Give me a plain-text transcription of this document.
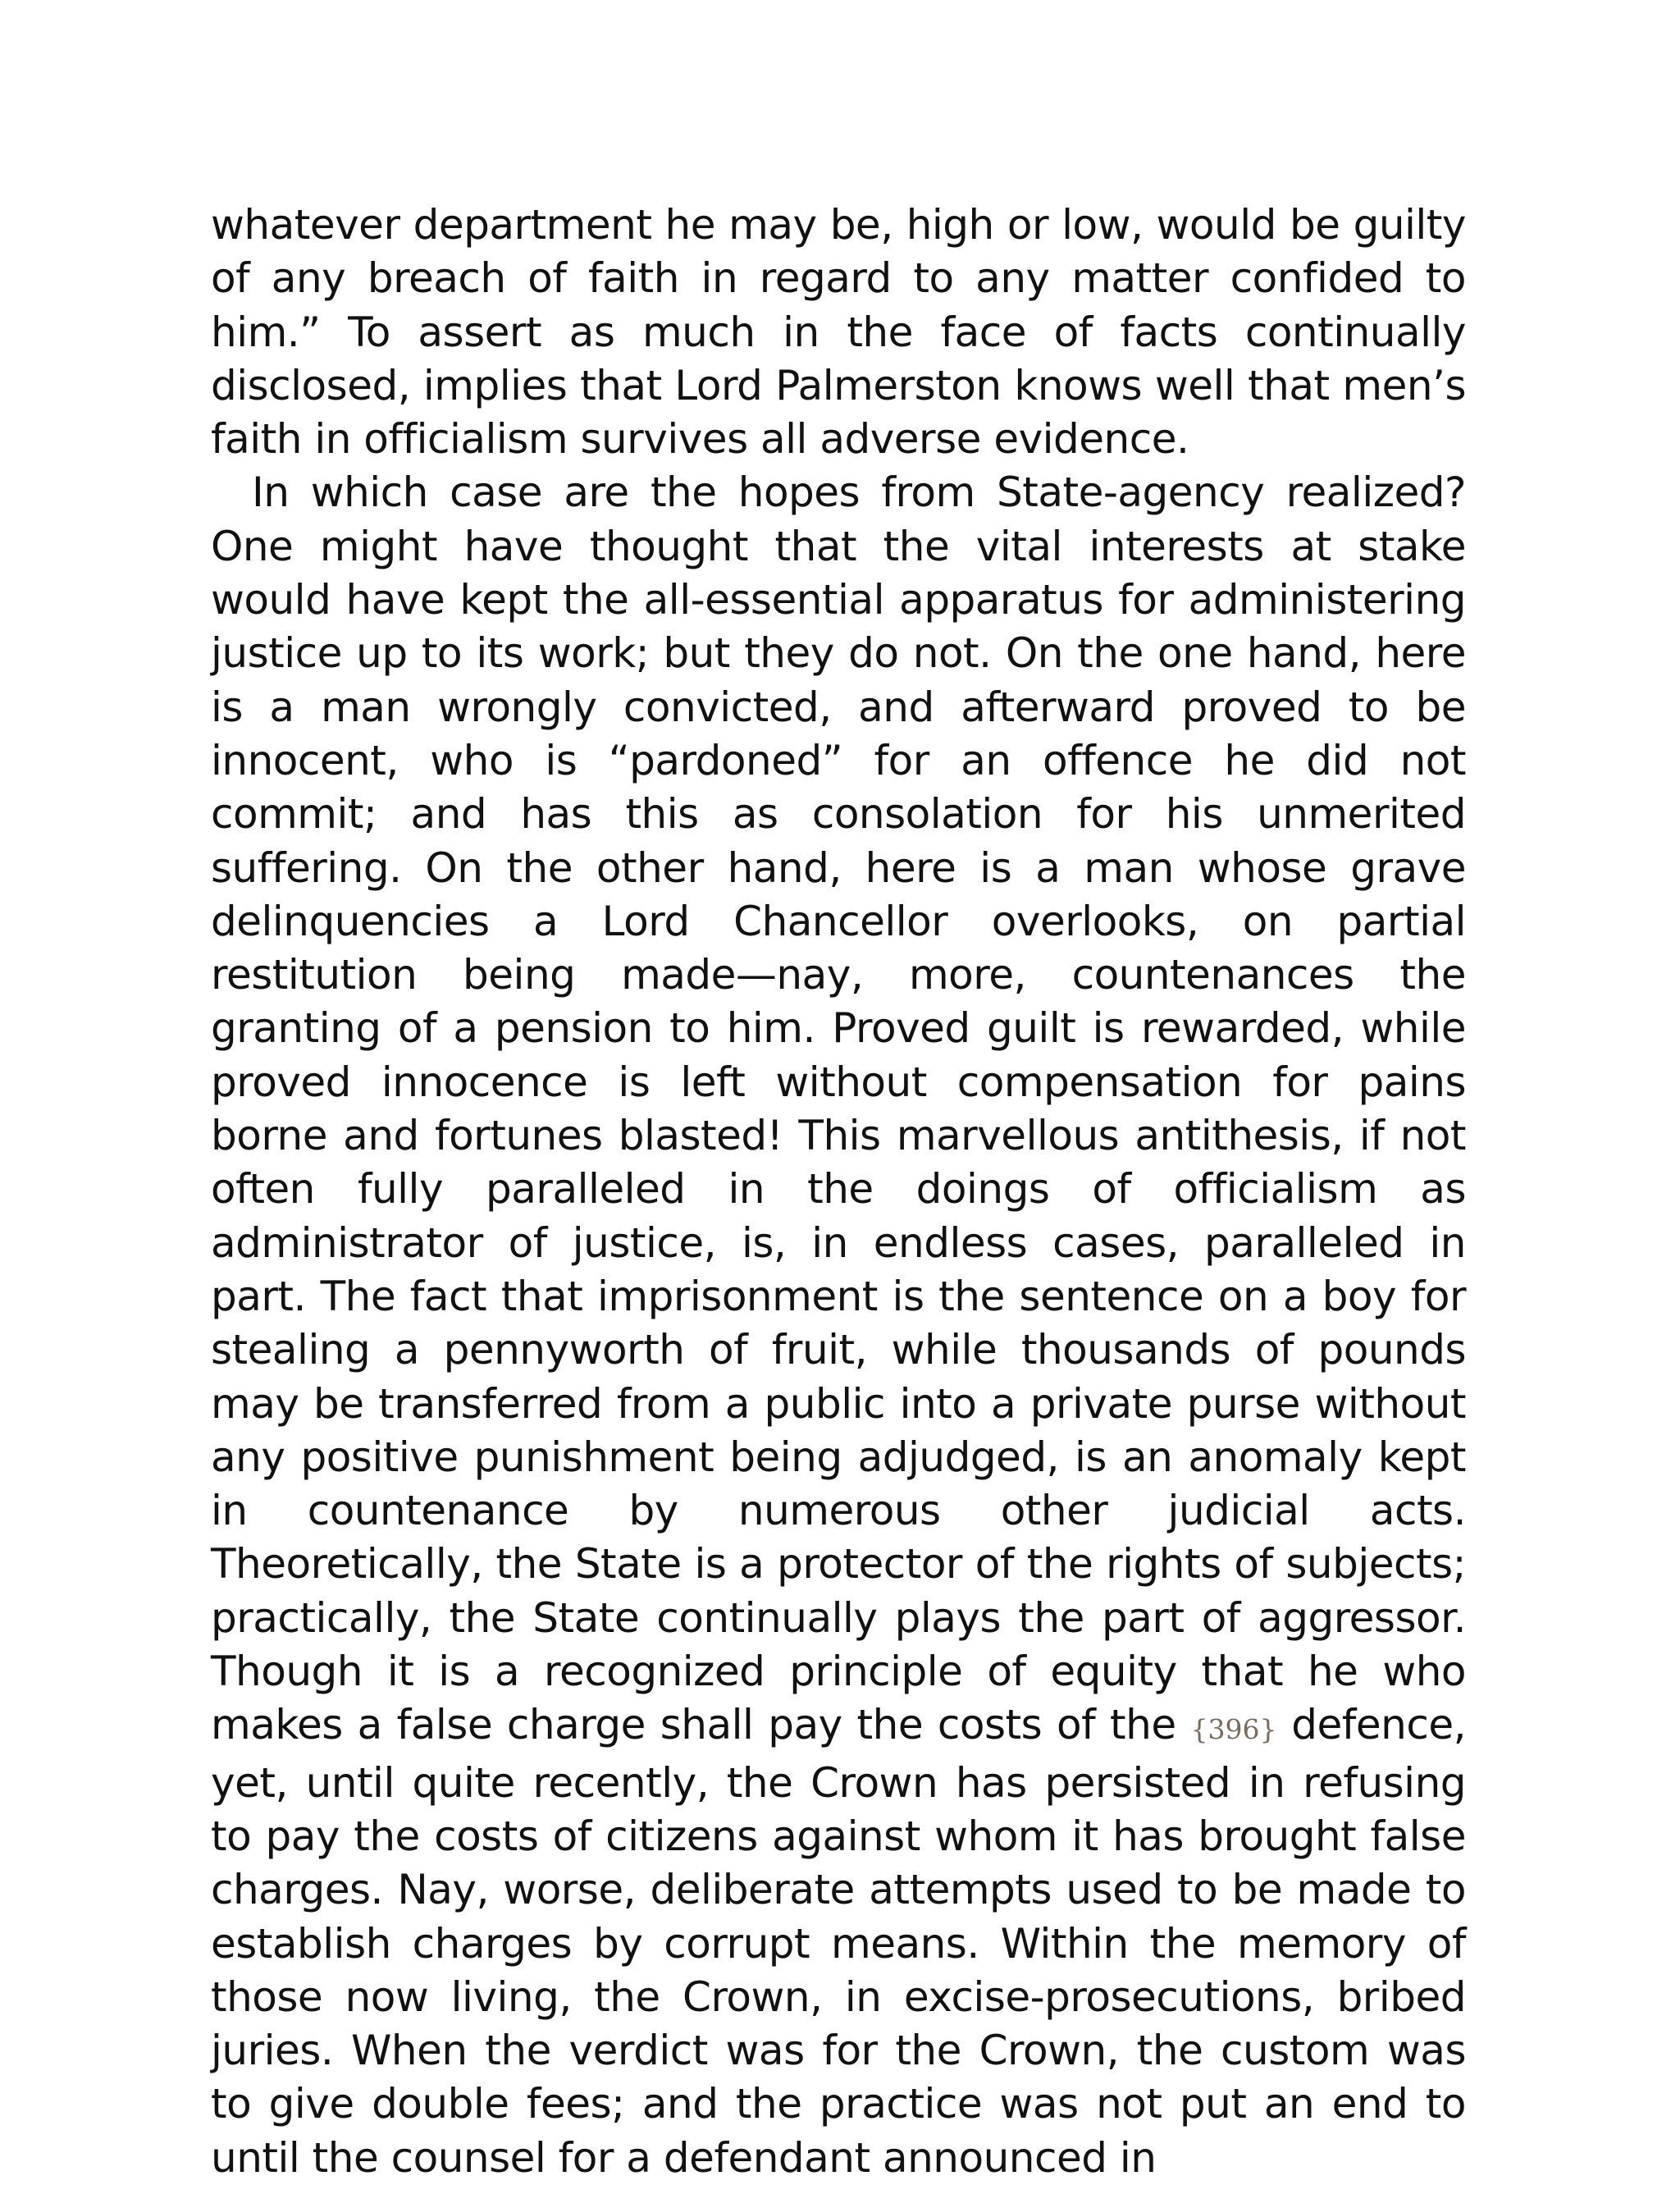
whatever department he may be, high or low, would be guilty of any breach of faith in regard to any matter confided to him.” To assert as much in the face of facts continually disclosed, implies that Lord Palmerston knows well that men’s faith in officialism survives all adverse evidence.

In which case are the hopes from State-agency realized? One might have thought that the vital interests at stake would have kept the all-essential apparatus for administering justice up to its work; but they do not. On the one hand, here is a man wrongly convicted, and afterward proved to be innocent, who is “pardoned” for an offence he did not commit; and has this as consolation for his unmerited suffering. On the other hand, here is a man whose grave delinquencies a Lord Chancellor overlooks, on partial restitution being made—nay, more, countenances the granting of a pension to him. Proved guilt is rewarded, while proved innocence is left without compensation for pains borne and fortunes blasted! This marvellous antithesis, if not often fully paralleled in the doings of officialism as administrator of justice, is, in endless cases, paralleled in part. The fact that imprisonment is the sentence on a boy for stealing a pennyworth of fruit, while thousands of pounds may be transferred from a public into a private purse without any positive punishment being adjudged, is an anomaly kept in countenance by numerous other judicial acts. Theoretically, the State is a protector of the rights of subjects; practically, the State continually plays the part of aggressor. Though it is a recognized principle of equity that he who makes a false charge shall pay the costs of the {396} defence, yet, until quite recently, the Crown has persisted in refusing to pay the costs of citizens against whom it has brought false charges. Nay, worse, deliberate attempts used to be made to establish charges by corrupt means. Within the memory of those now living, the Crown, in excise-prosecutions, bribed juries. When the verdict was for the Crown, the custom was to give double fees; and the practice was not put an end to until the counsel for a defendant announced in
